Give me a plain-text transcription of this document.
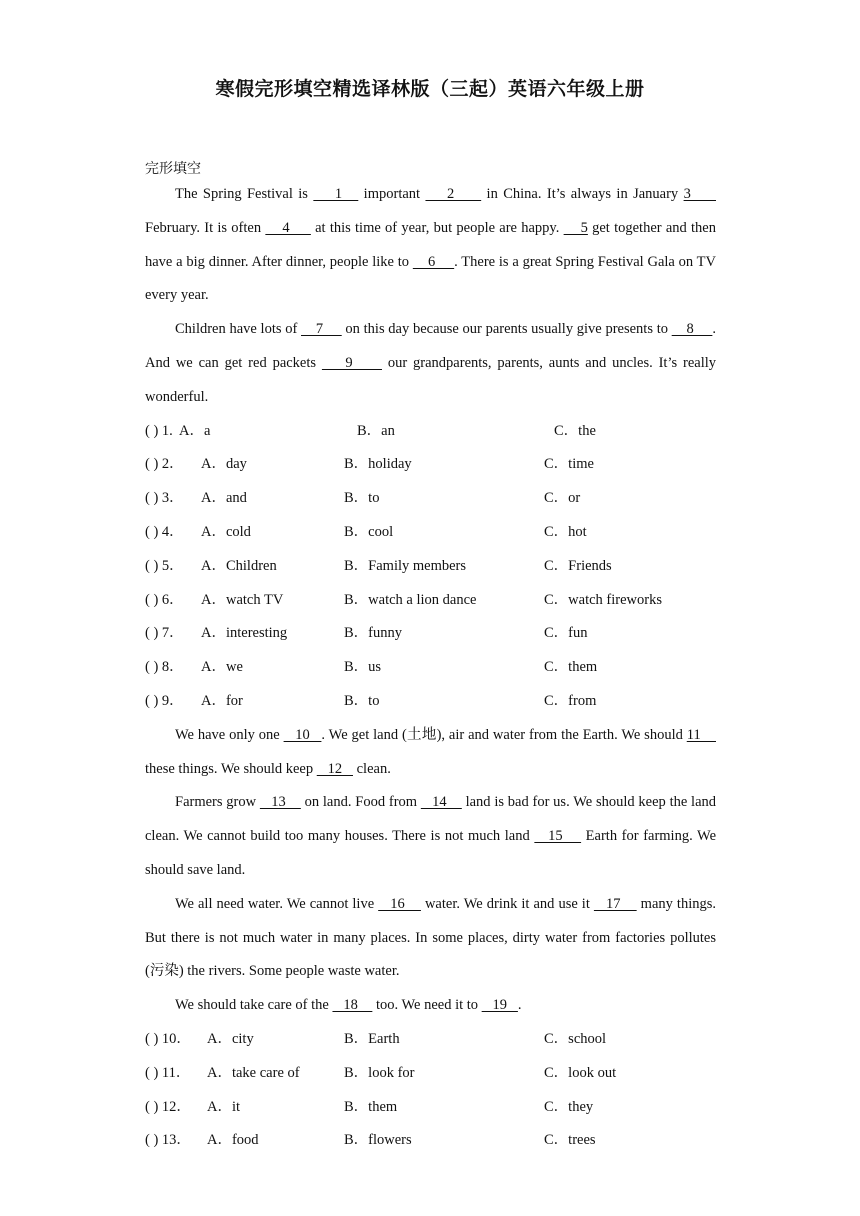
寒假完形填空精选译林版（三起）英语六年级上册
完形填空

The Spring Festival is     1    important     2      in China. It’s always in January 3      February. It is often     4      at this time of year, but people are happy.     5 get together and then have a big dinner. After dinner, people like to     6     . There is a great Spring Festival Gala on TV every year.

Children have lots of     7      on this day because our parents usually give presents to     8     . And we can get red packets     9      our grandparents, parents, aunts and uncles. It’s really wonderful.

( ) 1. A．a	B．an	C．the
( ) 2． A．day	B．holiday	C．time
( ) 3． A．and	B．to	C．or
( ) 4． A．cold	B．cool	C．hot
( ) 5． A．Children	B．Family members	C．Friends
( ) 6． A．watch TV	B．watch a lion dance	C．watch fireworks
( ) 7． A．interesting	B．funny	C．fun
( ) 8． A．we	B．us	C．them
( ) 9． A．for	B．to	C．from

We have only one    10   . We get land (土地), air and water from the Earth. We should 11     these things. We should keep    12    clean.

Farmers grow    13     on land. Food from    14     land is bad for us. We should keep the land clean. We cannot build too many houses. There is not much land    15     Earth for farming. We should save land.

We all need water. We cannot live    16     water. We drink it and use it    17     many things. But there is not much water in many places. In some places, dirty water from factories pollutes (污染) the rivers. Some people waste water.

We should take care of the    18     too. We need it to    19   .

( ) 10． A．city	B．Earth	C．school
( ) 11． A．take care of	B．look for	C．look out
( ) 12． A．it	B．them	C．they
( ) 13． A．food	B．flowers	C．trees
